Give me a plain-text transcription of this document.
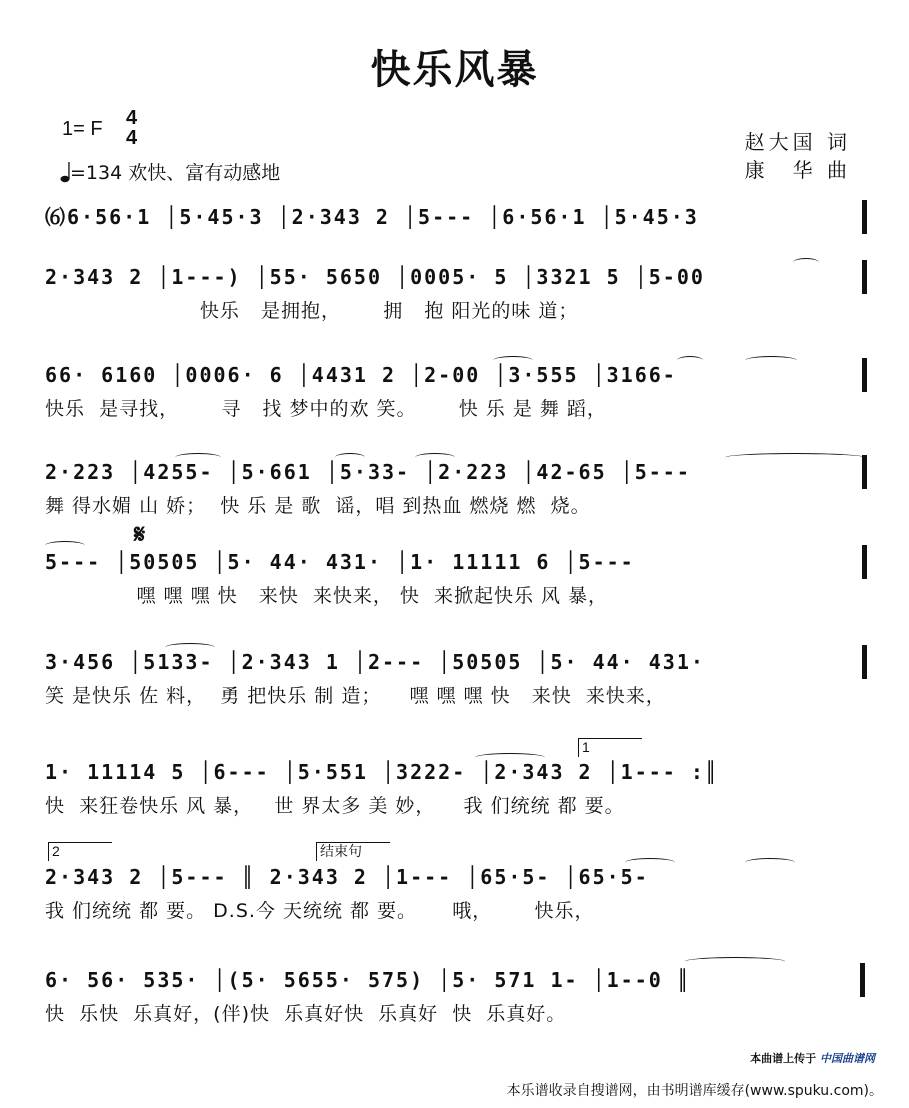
快乐风暴
1= F 4
4
=134 欢快、富有动感地
赵大国 词
康　华 曲
⑹6·56·1 │5·45·3 │2·343 2 │5--- │6·56·1 │5·45·3
2·343 2 │1---) │55· 5650 │0005· 5 │3321 5 │5-00
快乐   是拥抱，      拥   抱 阳光的味 道；
66· 6160 │0006· 6 │4431 2 │2-00 │3·555 │3166-
快乐  是寻找，      寻   找 梦中的欢 笑。      快 乐 是 舞 蹈，
2·223 │4255- │5·661 │5·33- │2·223 │42-65 │5---
舞 得水媚 山 娇；  快 乐 是 歌  谣，唱 到热血 燃烧 燃  烧。
𝄋
5--- │50505 │5· 44· 431· │1· 11111 6 │5---
嘿 嘿 嘿 快   来快  来快来， 快  来掀起快乐 风 暴，
3·456 │5133- │2·343 1 │2--- │50505 │5· 44· 431·
笑 是快乐 佐 料，  勇 把快乐 制 造；    嘿 嘿 嘿 快   来快  来快来，
1
1· 11114 5 │6--- │5·551 │3222- │2·343 2 │1--- :║
快  来狂卷快乐 风 暴，   世 界太多 美 妙，    我 们统统 都 要。
2	结束句
2·343 2 │5--- ║ 2·343 2 │1--- │65·5- │65·5-
我 们统统 都 要。 D.S.今 天统统 都 要。     哦，      快乐，
6· 56· 535· │(5· 5655· 575) │5· 571 1- │1--0 ║
快  乐快  乐真好，(伴)快  乐真好快  乐真好  快  乐真好。
本曲谱上传于 中国曲谱网
本乐谱收录自搜谱网，由书明谱库缓存(www.spuku.com)。
